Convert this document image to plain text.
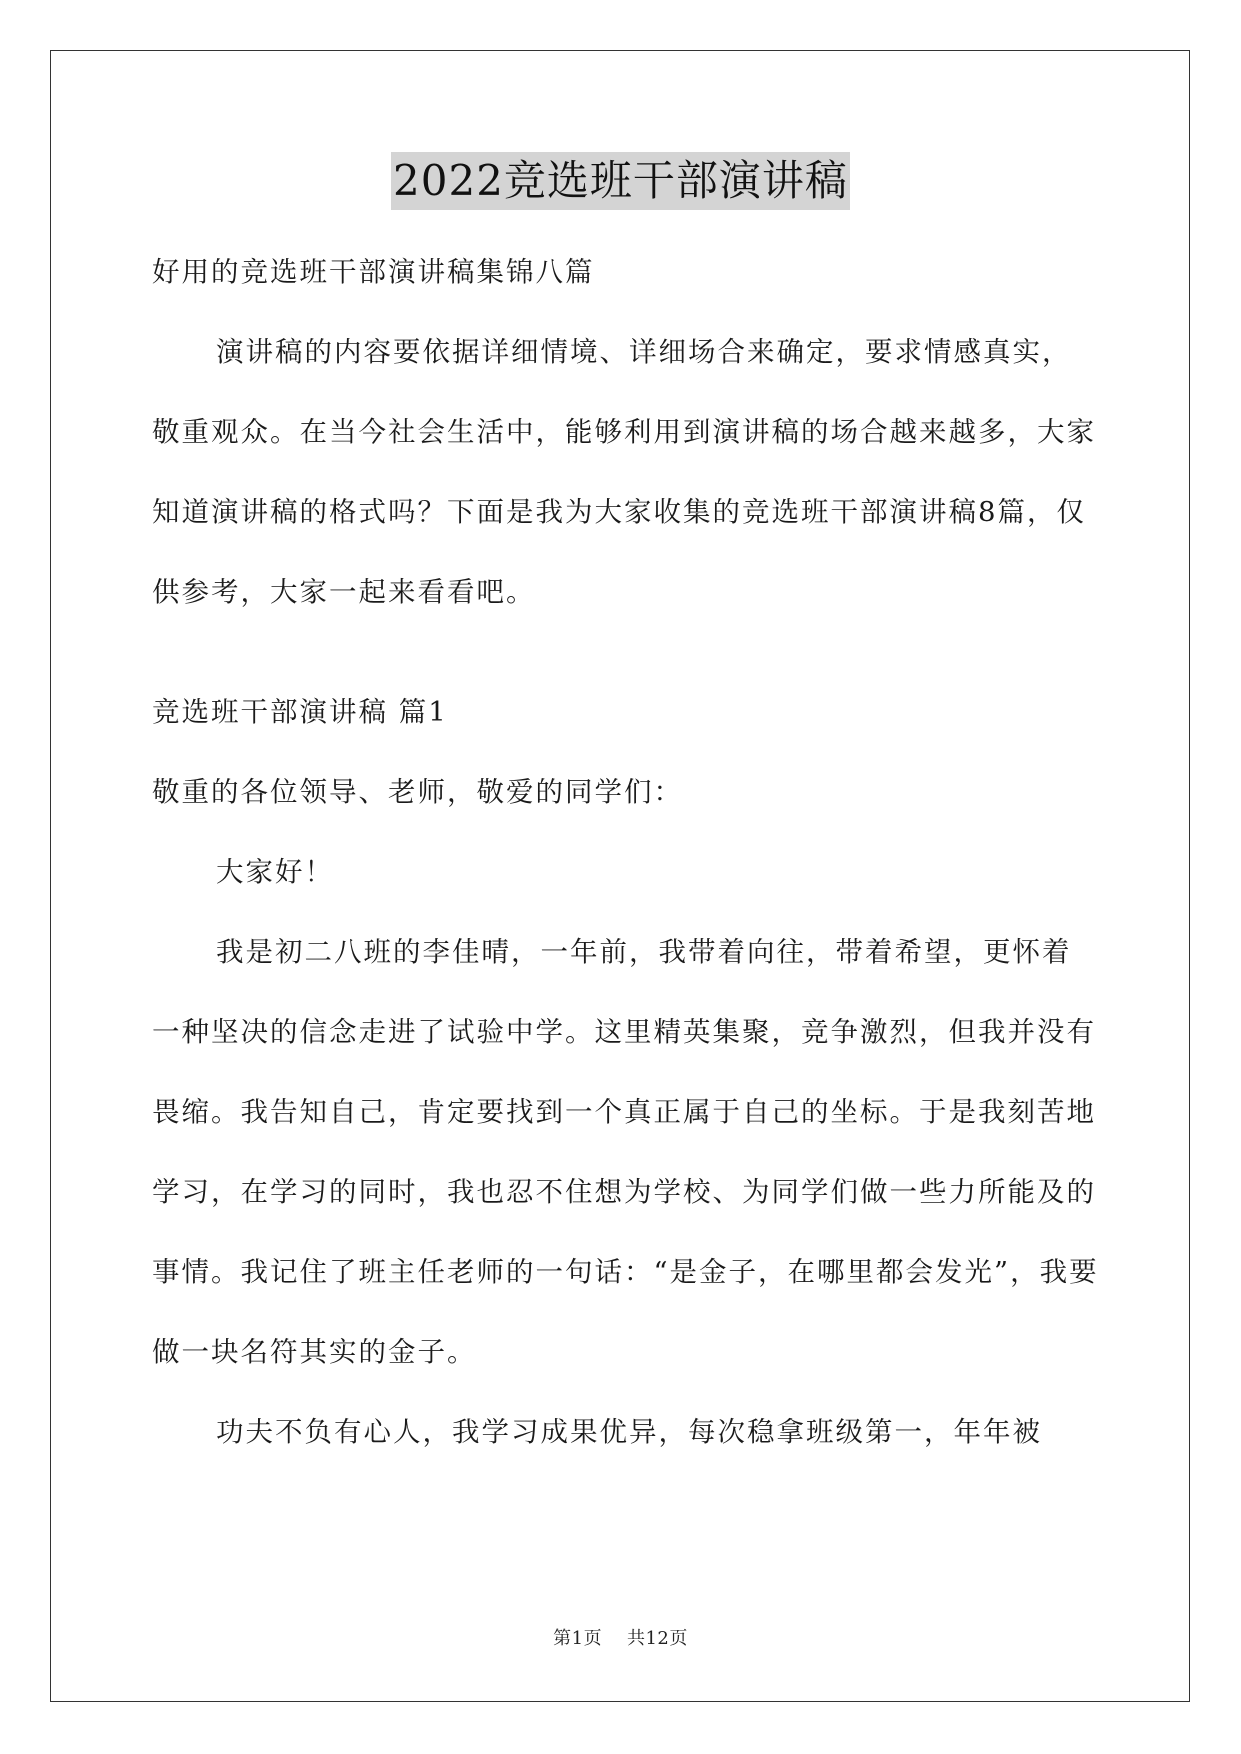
2022竞选班干部演讲稿

好用的竞选班干部演讲稿集锦八篇

演讲稿的内容要依据详细情境、详细场合来确定，要求情感真实，敬重观众。在当今社会生活中，能够利用到演讲稿的场合越来越多，大家知道演讲稿的格式吗？下面是我为大家收集的竞选班干部演讲稿8篇，仅供参考，大家一起来看看吧。

竞选班干部演讲稿 篇1

敬重的各位领导、老师，敬爱的同学们：

大家好！

我是初二八班的李佳晴，一年前，我带着向往，带着希望，更怀着一种坚决的信念走进了试验中学。这里精英集聚，竞争激烈，但我并没有畏缩。我告知自己，肯定要找到一个真正属于自己的坐标。于是我刻苦地学习，在学习的同时，我也忍不住想为学校、为同学们做一些力所能及的事情。我记住了班主任老师的一句话：“是金子，在哪里都会发光”，我要做一块名符其实的金子。

功夫不负有心人，我学习成果优异，每次稳拿班级第一，年年被

第1页 共12页
